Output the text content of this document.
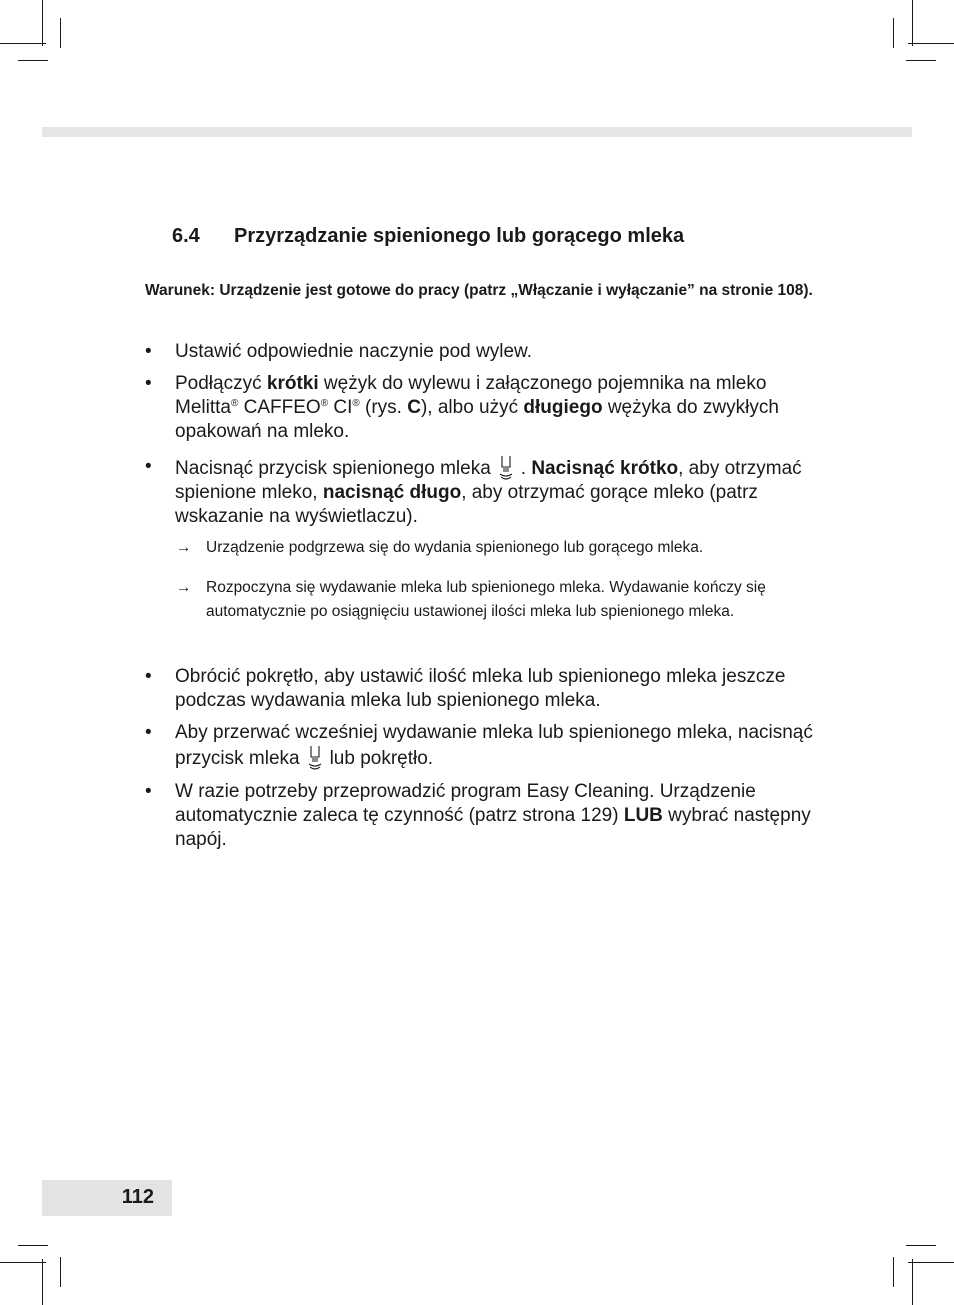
6.4 Przyrządzanie spienionego lub gorącego mleka
Warunek: Urządzenie jest gotowe do pracy (patrz „Włączanie i wyłączanie” na stronie 108).
•	Ustawić odpowiednie naczynie pod wylew.
•	Podłączyć krótki wężyk do wylewu i załączonego pojemnika na mleko Melitta® CAFFEO® CI® (rys. C), albo użyć długiego wężyka do zwykłych opakowań na mleko.
•	Nacisnąć przycisk spienionego mleka . Nacisnąć krótko, aby otrzymać spienione mleko, nacisnąć długo, aby otrzymać gorące mleko (patrz wskazanie na wyświetlaczu).
→ Urządzenie podgrzewa się do wydania spienionego lub gorącego mleka.
→ Rozpoczyna się wydawanie mleka lub spienionego mleka. Wydawanie kończy się automatycznie po osiągnięciu ustawionej ilości mleka lub spienionego mleka.
•	Obrócić pokrętło, aby ustawić ilość mleka lub spienionego mleka jeszcze podczas wydawania mleka lub spienionego mleka.
•	Aby przerwać wcześniej wydawanie mleka lub spienionego mleka, nacisnąć przycisk mleka lub pokrętło.
•	W razie potrzeby przeprowadzić program Easy Cleaning. Urządzenie automatycznie zaleca tę czynność (patrz strona 129) LUB wybrać następny napój.
112
